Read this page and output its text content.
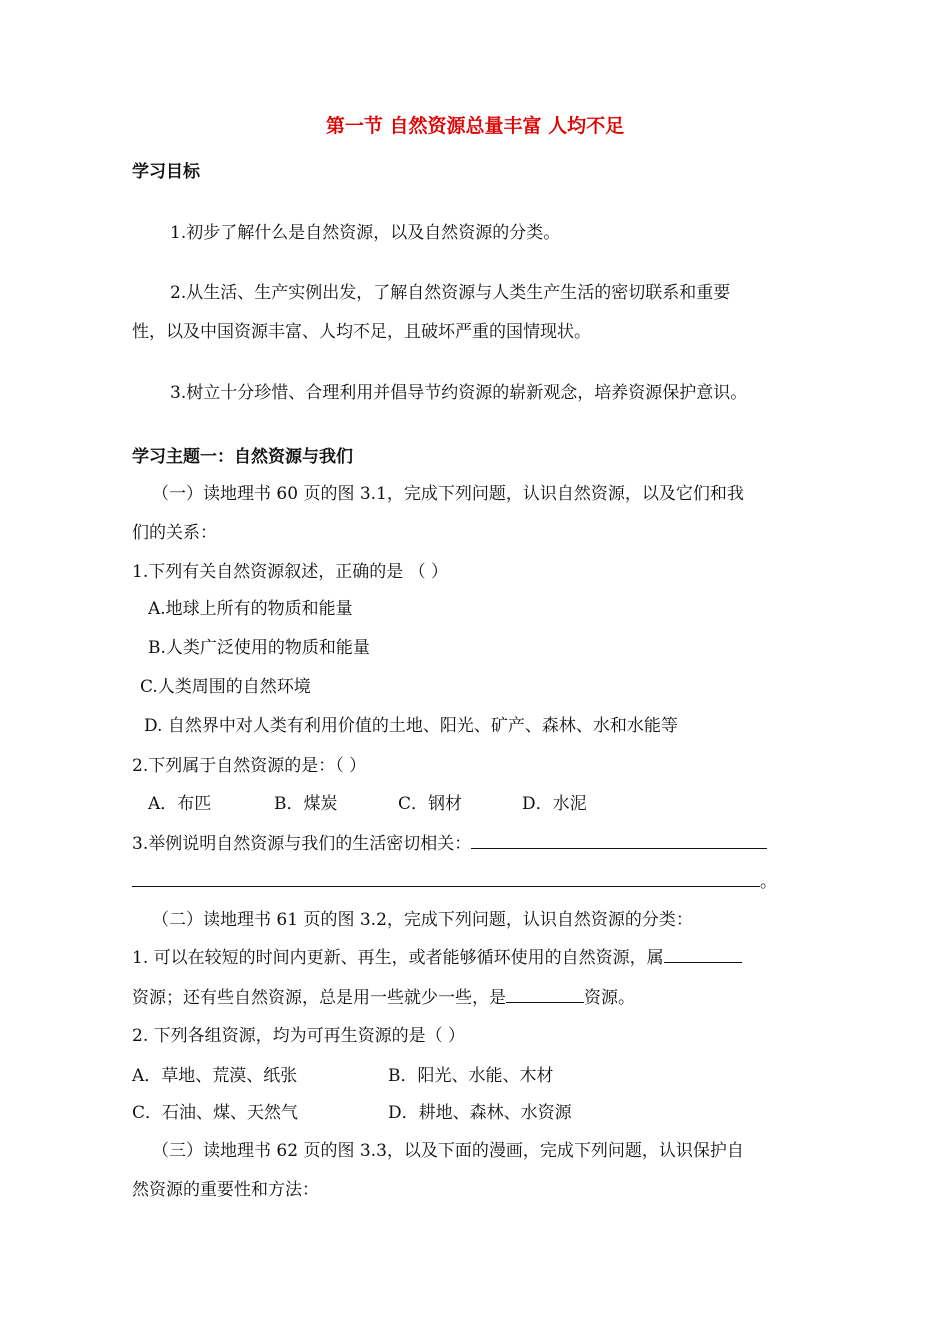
第一节 自然资源总量丰富 人均不足
学习目标
1.初步了解什么是自然资源，以及自然资源的分类。
2.从生活、生产实例出发，了解自然资源与人类生产生活的密切联系和重要
性，以及中国资源丰富、人均不足，且破坏严重的国情现状。
3.树立十分珍惜、合理利用并倡导节约资源的崭新观念，培养资源保护意识。
学习主题一：自然资源与我们
（一）读地理书 60 页的图 3.1，完成下列问题，认识自然资源，以及它们和我
们的关系：
1.下列有关自然资源叙述，正确的是 （ ）
A.地球上所有的物质和能量
B.人类广泛使用的物质和能量
C.人类周围的自然环境
D. 自然界中对人类有利用价值的土地、阳光、矿产、森林、水和水能等
2.下列属于自然资源的是：（ ）
A．布匹	B．煤炭	C．钢材	D．水泥
3.举例说明自然资源与我们的生活密切相关：
。
（二）读地理书 61 页的图 3.2，完成下列问题，认识自然资源的分类：
1. 可以在较短的时间内更新、再生，或者能够循环使用的自然资源，属
资源；还有些自然资源，总是用一些就少一些，是	资源。
2. 下列各组资源，均为可再生资源的是（ ）
A．草地、荒漠、纸张	B．阳光、水能、木材
C．石油、煤、天然气	D．耕地、森林、水资源
（三）读地理书 62 页的图 3.3，以及下面的漫画，完成下列问题，认识保护自
然资源的重要性和方法：
